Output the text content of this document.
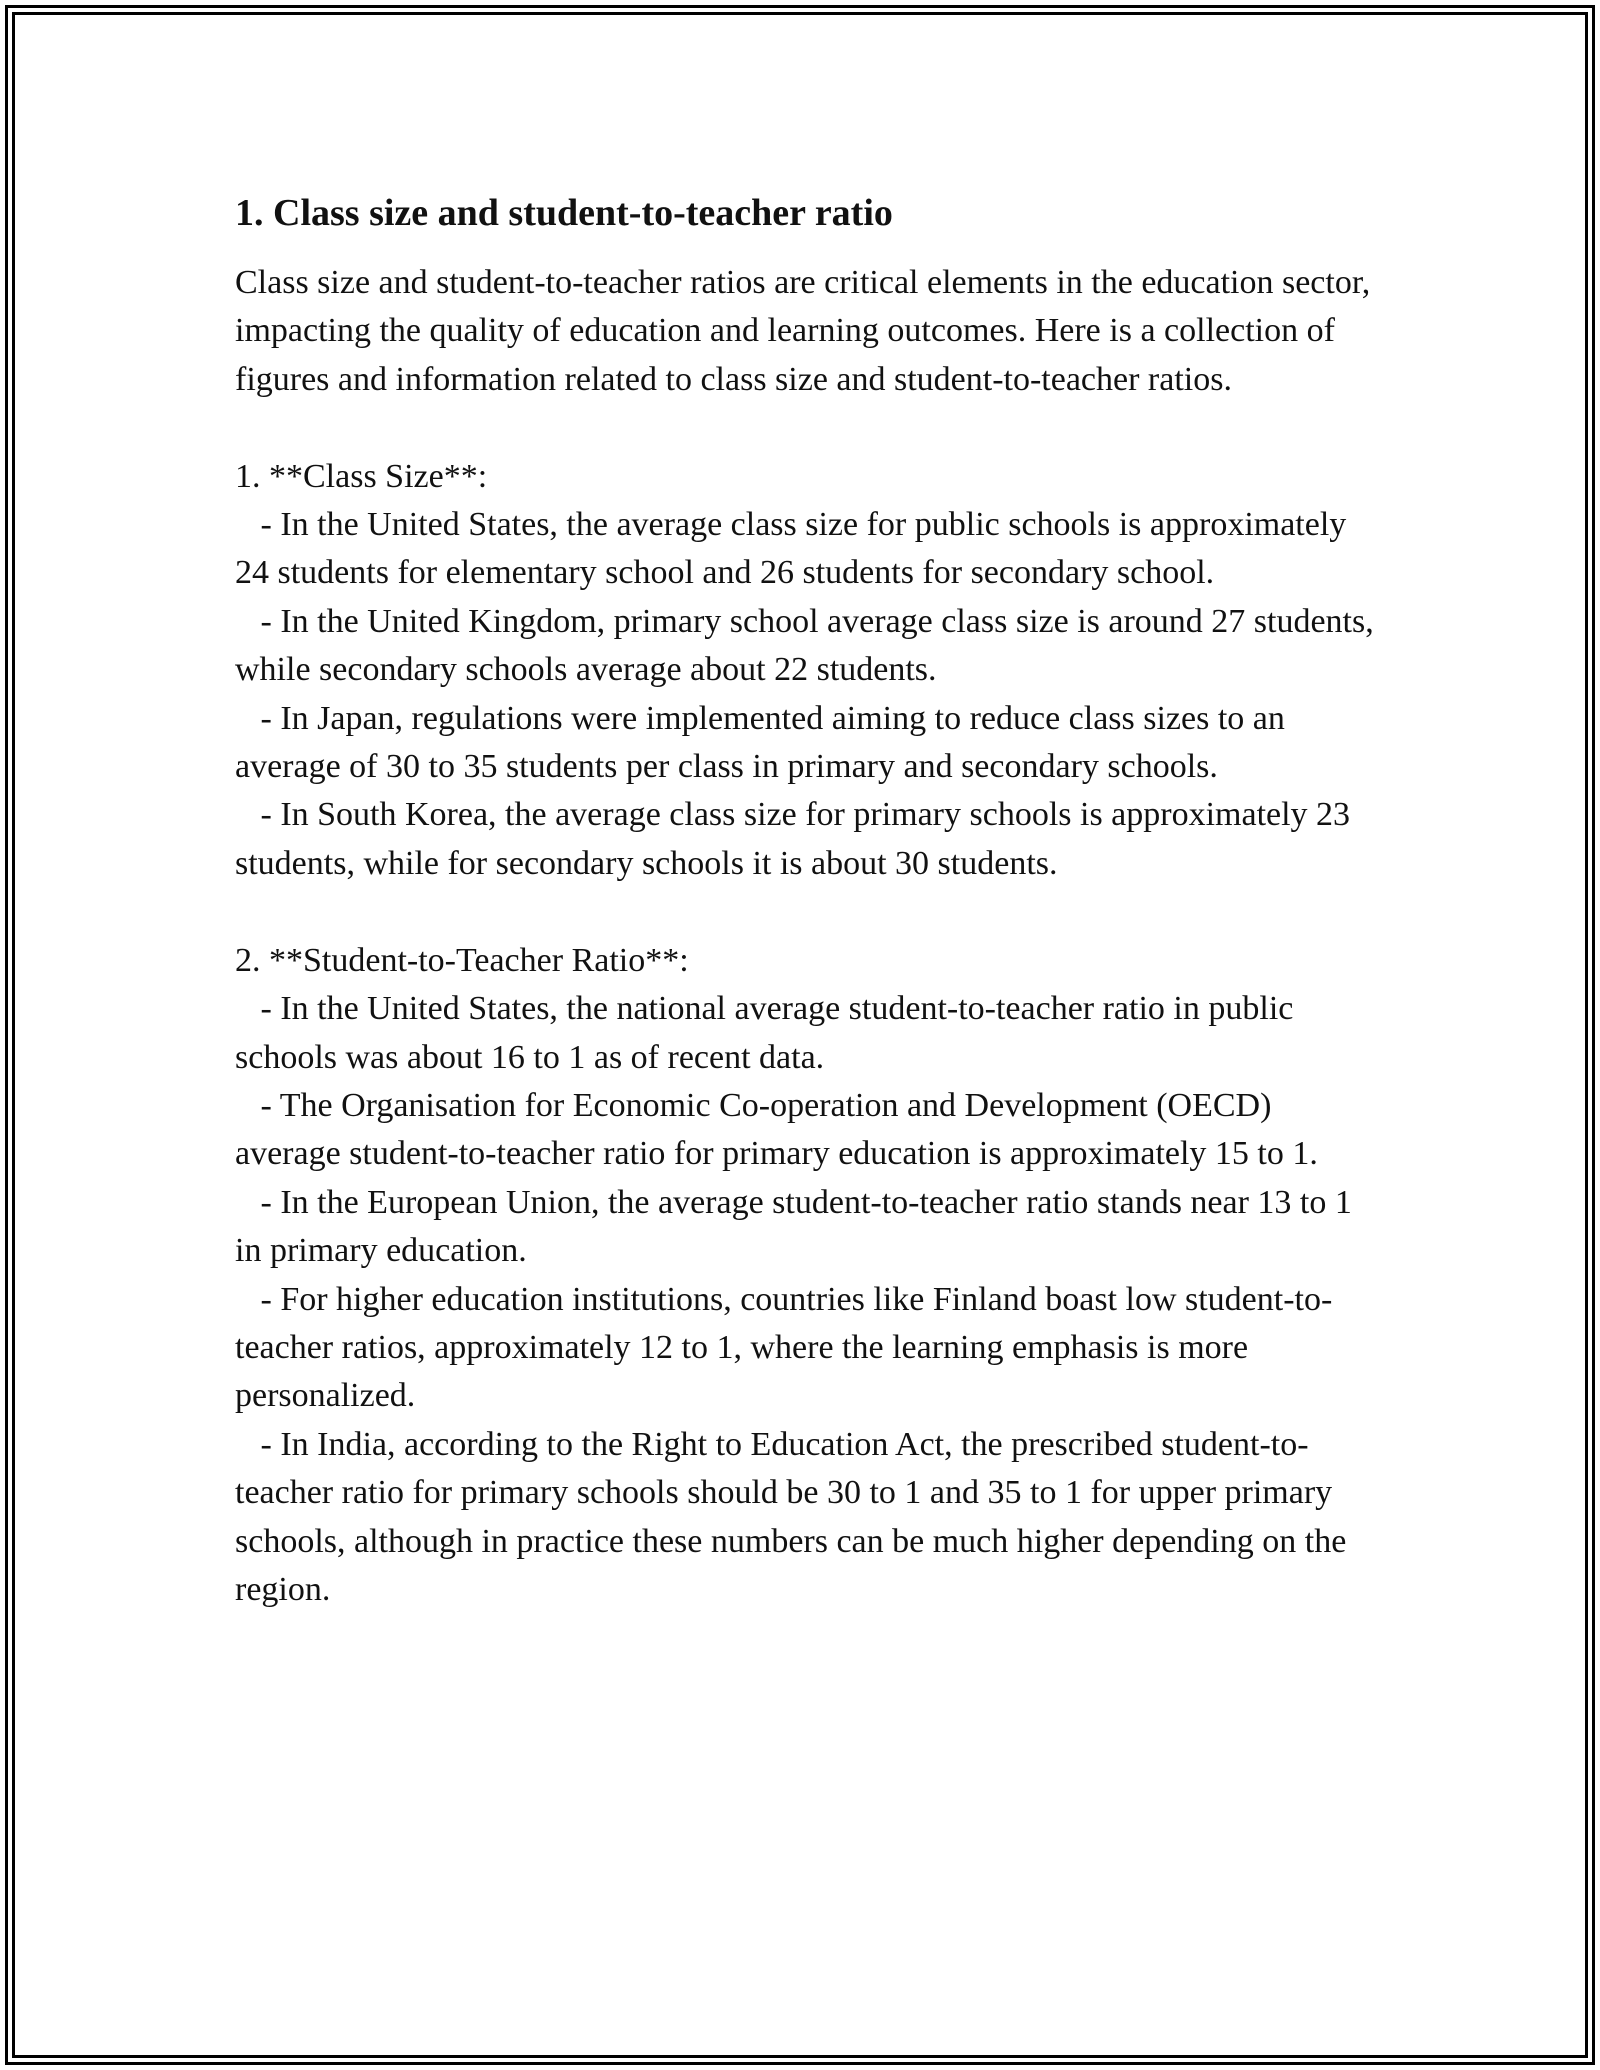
1. Class size and student-to-teacher ratio

Class size and student-to-teacher ratios are critical elements in the education sector, impacting the quality of education and learning outcomes. Here is a collection of figures and information related to class size and student-to-teacher ratios.

1. **Class Size**:
- In the United States, the average class size for public schools is approximately 24 students for elementary school and 26 students for secondary school.
- In the United Kingdom, primary school average class size is around 27 students, while secondary schools average about 22 students.
- In Japan, regulations were implemented aiming to reduce class sizes to an average of 30 to 35 students per class in primary and secondary schools.
- In South Korea, the average class size for primary schools is approximately 23 students, while for secondary schools it is about 30 students.

2. **Student-to-Teacher Ratio**:
- In the United States, the national average student-to-teacher ratio in public schools was about 16 to 1 as of recent data.
- The Organisation for Economic Co-operation and Development (OECD) average student-to-teacher ratio for primary education is approximately 15 to 1.
- In the European Union, the average student-to-teacher ratio stands near 13 to 1 in primary education.
- For higher education institutions, countries like Finland boast low student-to-teacher ratios, approximately 12 to 1, where the learning emphasis is more personalized.
- In India, according to the Right to Education Act, the prescribed student-to-teacher ratio for primary schools should be 30 to 1 and 35 to 1 for upper primary schools, although in practice these numbers can be much higher depending on the region.
